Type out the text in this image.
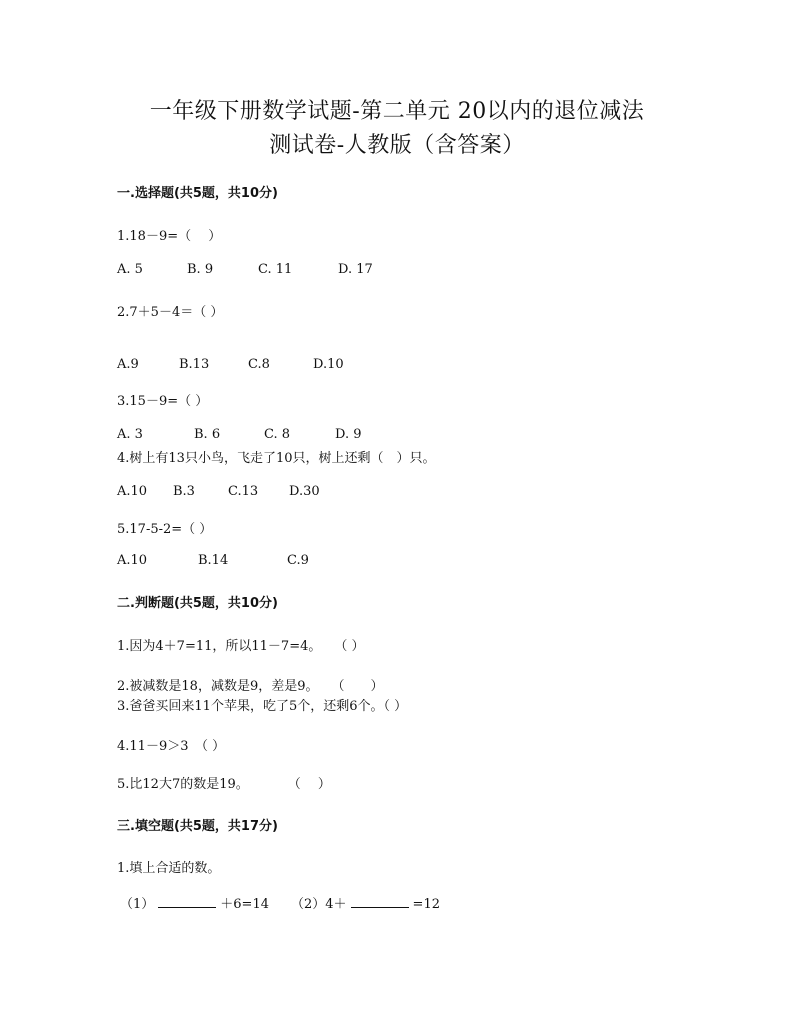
一年级下册数学试题-第二单元 20以内的退位减法
测试卷-人教版（含答案）
一.选择题(共5题，共10分)
1.18－9=（　 ）
A. 5	B. 9	C. 11	D. 17
2.7＋5－4＝（ ）
A.9	B.13	C.8	D.10
3.15－9=（ ）
A. 3	B. 6	C. 8	D. 9
4.树上有13只小鸟，飞走了10只，树上还剩（　）只。
A.10 B.3	C.13 D.30
5.17-5-2=（ ）
A.10	B.14	C.9
二.判断题(共5题，共10分)
1.因为4＋7=11，所以11－7=4。　　（ ）
2.被减数是18，减数是9，差是9。　　（　　）
3.爸爸买回来11个苹果，吃了5个，还剩6个。（ ）
4.11－9＞3　（ ）
5.比12大7的数是19。　　　　（　 ）
三.填空题(共5题，共17分)
1.填上合适的数。
（1）	＋6=14 （2）4＋	=12
